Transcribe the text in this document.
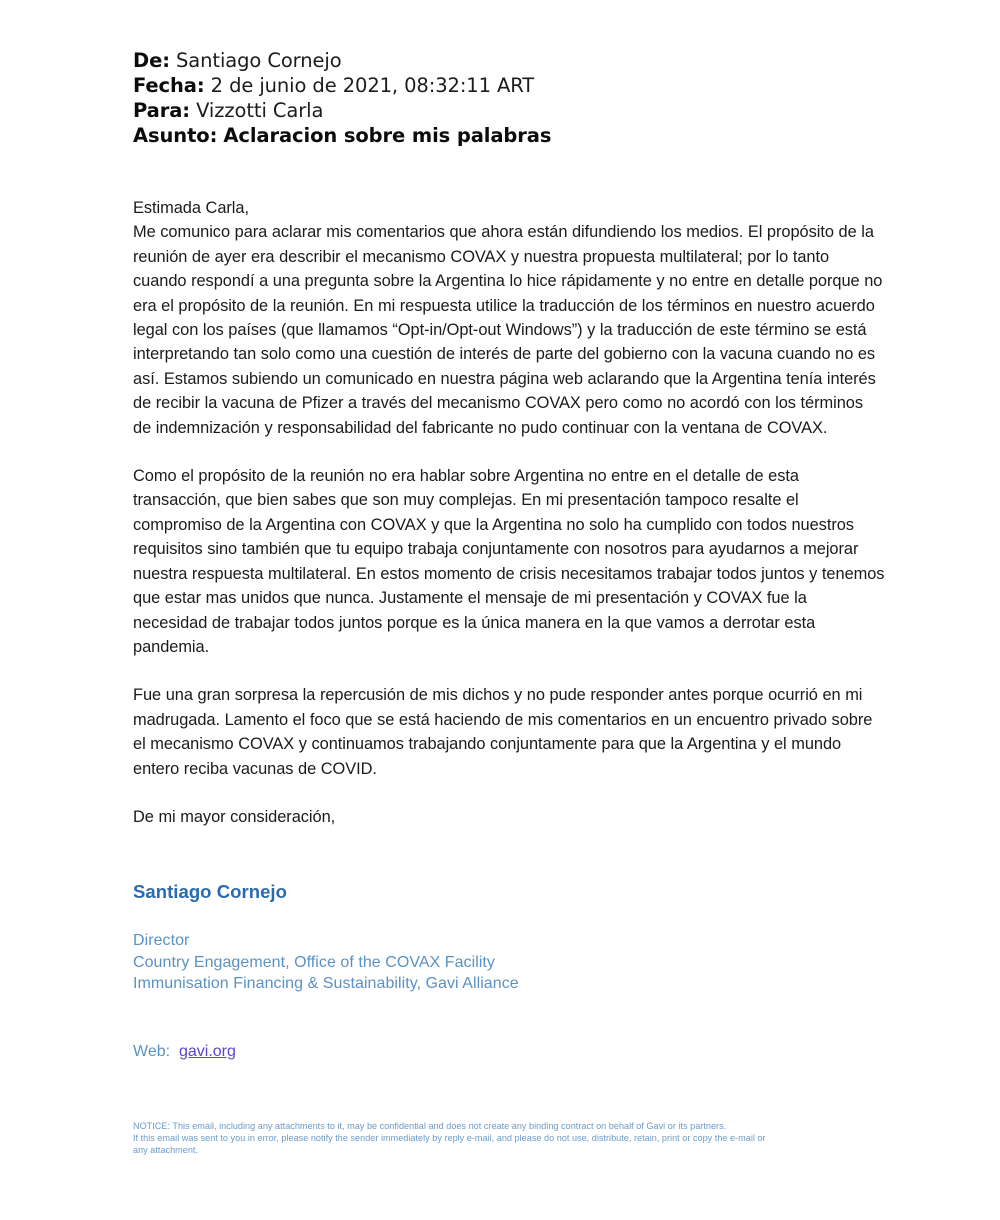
De: Santiago Cornejo
Fecha: 2 de junio de 2021, 08:32:11 ART
Para: Vizzotti Carla
Asunto: Aclaracion sobre mis palabras

Estimada Carla,

Me comunico para aclarar mis comentarios que ahora están difundiendo los medios. El propósito de la reunión de ayer era describir el mecanismo COVAX y nuestra propuesta multilateral; por lo tanto cuando respondí a una pregunta sobre la Argentina lo hice rápidamente y no entre en detalle porque no era el propósito de la reunión. En mi respuesta utilice la traducción de los términos en nuestro acuerdo legal con los países (que llamamos “Opt-in/Opt-out Windows”) y la traducción de este término se está interpretando tan solo como una cuestión de interés de parte del gobierno con la vacuna cuando no es así. Estamos subiendo un comunicado en nuestra página web aclarando que la Argentina tenía interés de recibir la vacuna de Pfizer a través del mecanismo COVAX pero como no acordó con los términos de indemnización y responsabilidad del fabricante no pudo continuar con la ventana de COVAX.

Como el propósito de la reunión no era hablar sobre Argentina no entre en el detalle de esta transacción, que bien sabes que son muy complejas. En mi presentación tampoco resalte el compromiso de la Argentina con COVAX y que la Argentina no solo ha cumplido con todos nuestros requisitos sino también que tu equipo trabaja conjuntamente con nosotros para ayudarnos a mejorar nuestra respuesta multilateral. En estos momento de crisis necesitamos trabajar todos juntos y tenemos que estar mas unidos que nunca. Justamente el mensaje de mi presentación y COVAX fue la necesidad de trabajar todos juntos porque es la única manera en la que vamos a derrotar esta pandemia.

Fue una gran sorpresa la repercusión de mis dichos y no pude responder antes porque ocurrió en mi madrugada. Lamento el foco que se está haciendo de mis comentarios en un encuentro privado sobre el mecanismo COVAX y continuamos trabajando conjuntamente para que la Argentina y el mundo entero reciba vacunas de COVID.

De mi mayor consideración,

Santiago Cornejo
Director
Country Engagement, Office of the COVAX Facility
Immunisation Financing & Sustainability, Gavi Alliance
Web: gavi.org
NOTICE: This email, including any attachments to it, may be confidential and does not create any binding contract on behalf of Gavi or its partners.
If this email was sent to you in error, please notify the sender immediately by reply e-mail, and please do not use, distribute, retain, print or copy the e-mail or
any attachment.
